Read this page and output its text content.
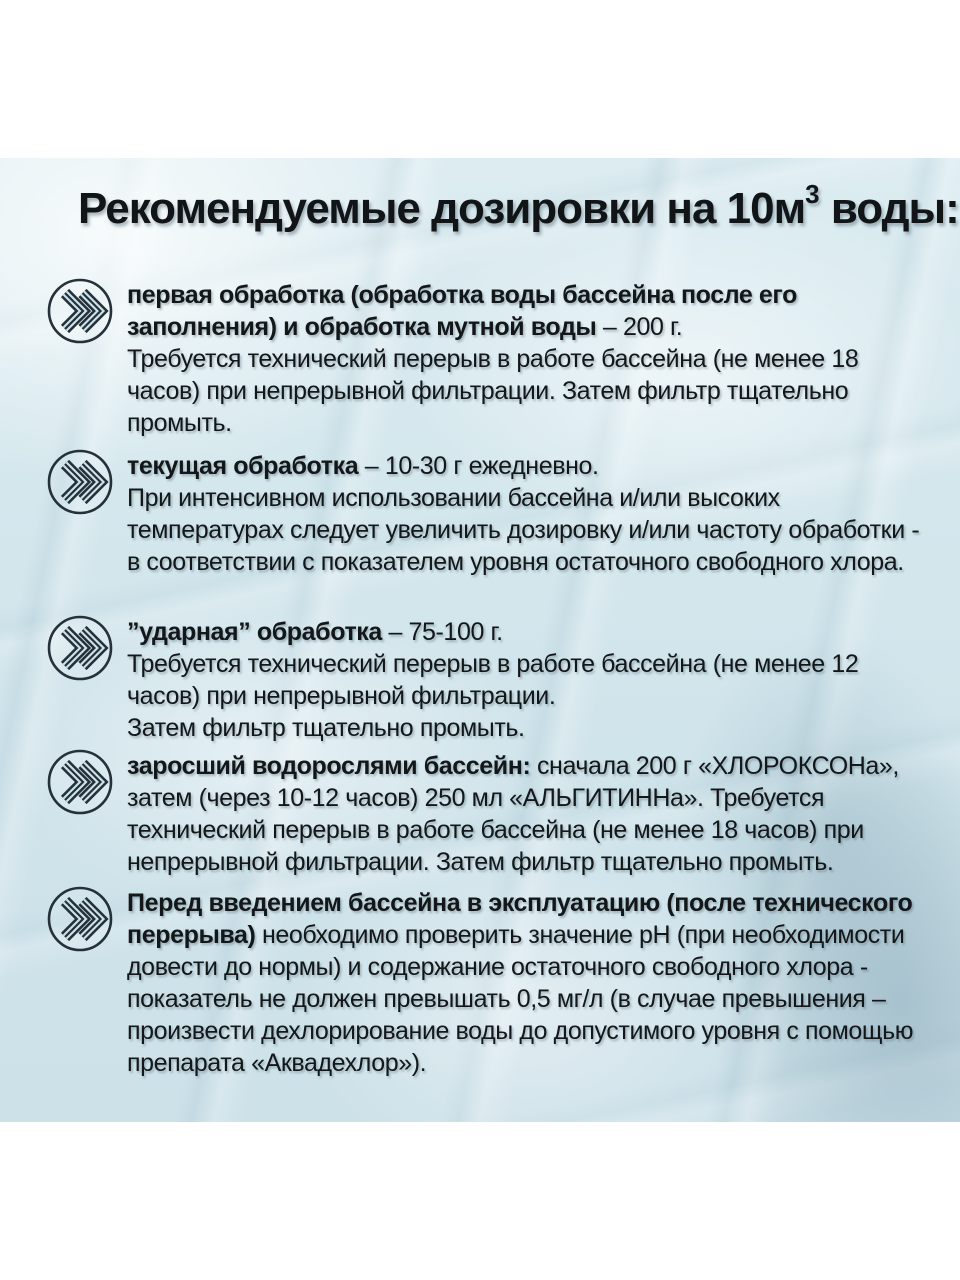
Рекомендуемые дозировки на $10м^3$ воды:

первая обработка (обработка воды бассейна после его заполнения) и обработка мутной воды – 200 г.

Требуется технический перерыв в работе бассейна (не менее 18 часов) при непрерывной фильтрации. Затем фильтр тщательно промыть.

текущая обработка – 10-30 г ежедневно.

При интенсивном использовании бассейна и/или высоких температурах следует увеличить дозировку и/или частоту обработки - в соответствии с показателем уровня остаточного свободного хлора.

”ударная” обработка – 75-100 г.

Требуется технический перерыв в работе бассейна (не менее 12 часов) при непрерывной фильтрации.

Затем фильтр тщательно промыть.

заросший водорослями бассейн: сначала 200 г «ХЛОРОКСОНа», затем (через 10-12 часов) 250 мл «АЛЬГИТИННа». Требуется технический перерыв в работе бассейна (не менее 18 часов) при непрерывной фильтрации. Затем фильтр тщательно промыть.

Перед введением бассейна в эксплуатацию (после технического перерыва) необходимо проверить значение pH (при необходимости довести до нормы) и содержание остаточного свободного хлора - показатель не должен превышать 0,5 мг/л (в случае превышения – произвести дехлорирование воды до допустимого уровня с помощью препарата «Аквадехлор»).
